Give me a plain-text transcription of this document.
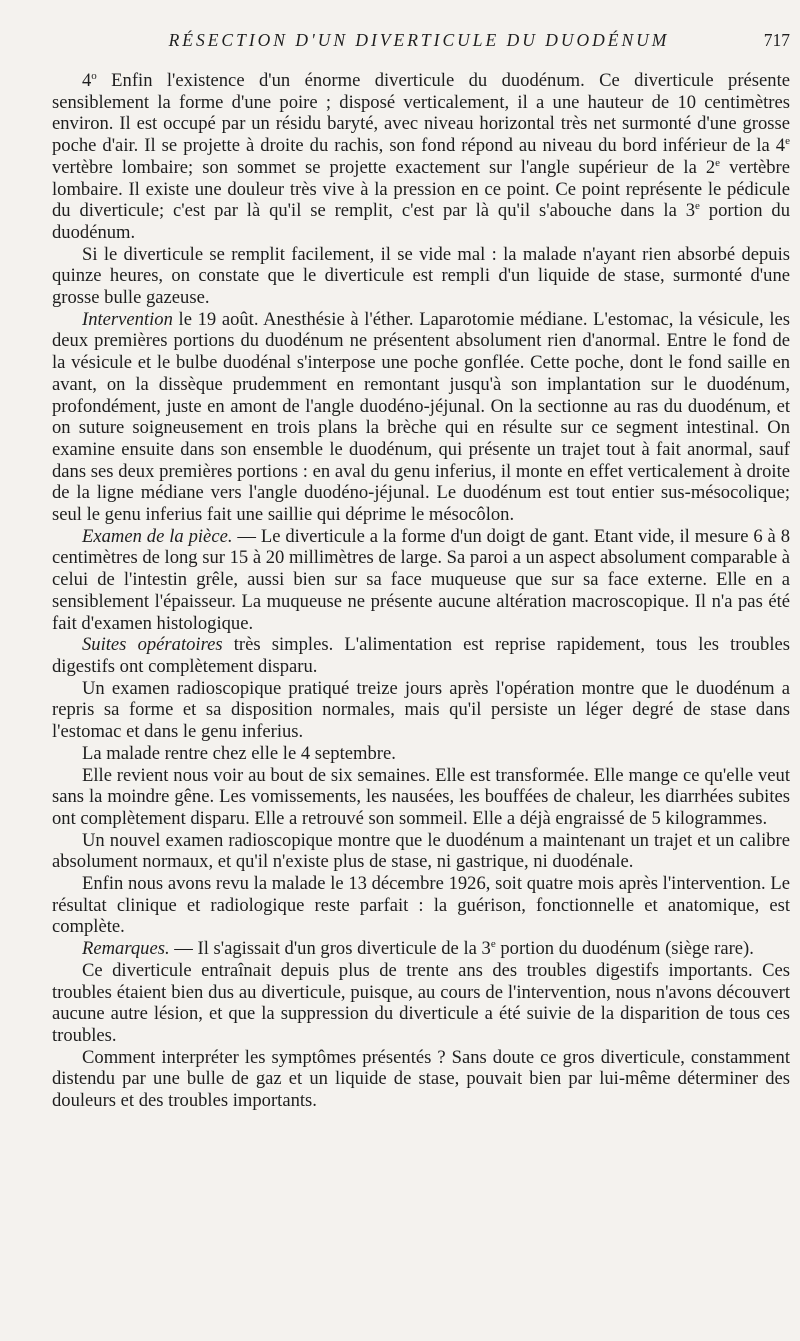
RÉSECTION D'UN DIVERTICULE DU DUODÉNUM	717

4$^o$ Enfin l'existence d'un énorme diverticule du duodénum. Ce diverticule présente sensiblement la forme d'une poire ; disposé verticalement, il a une hauteur de 10 centimètres environ. Il est occupé par un résidu baryté, avec niveau horizontal très net surmonté d'une grosse poche d'air. Il se projette à droite du rachis, son fond répond au niveau du bord inférieur de la 4e vertèbre lombaire; son sommet se projette exactement sur l'angle supérieur de la 2e vertèbre lombaire. Il existe une douleur très vive à la pression en ce point. Ce point représente le pédicule du diverticule; c'est par là qu'il se remplit, c'est par là qu'il s'abouche dans la 3e portion du duodénum.

Si le diverticule se remplit facilement, il se vide mal : la malade n'ayant rien absorbé depuis quinze heures, on constate que le diverticule est rempli d'un liquide de stase, surmonté d'une grosse bulle gazeuse.

Intervention le 19 août. Anesthésie à l'éther. Laparotomie médiane. L'estomac, la vésicule, les deux premières portions du duodénum ne présentent absolument rien d'anormal. Entre le fond de la vésicule et le bulbe duodénal s'interpose une poche gonflée. Cette poche, dont le fond saille en avant, on la dissèque prudemment en remontant jusqu'à son implantation sur le duodénum, profondément, juste en amont de l'angle duodéno-jéjunal. On la sectionne au ras du duodénum, et on suture soigneusement en trois plans la brèche qui en résulte sur ce segment intestinal. On examine ensuite dans son ensemble le duodénum, qui présente un trajet tout à fait anormal, sauf dans ses deux premières portions : en aval du genu inferius, il monte en effet verticalement à droite de la ligne médiane vers l'angle duodéno-jéjunal. Le duodénum est tout entier sus-mésocolique; seul le genu inferius fait une saillie qui déprime le mésocôlon.

Examen de la pièce. — Le diverticule a la forme d'un doigt de gant. Etant vide, il mesure 6 à 8 centimètres de long sur 15 à 20 millimètres de large. Sa paroi a un aspect absolument comparable à celui de l'intestin grêle, aussi bien sur sa face muqueuse que sur sa face externe. Elle en a sensiblement l'épaisseur. La muqueuse ne présente aucune altération macroscopique. Il n'a pas été fait d'examen histologique.

Suites opératoires très simples. L'alimentation est reprise rapidement, tous les troubles digestifs ont complètement disparu.

Un examen radioscopique pratiqué treize jours après l'opération montre que le duodénum a repris sa forme et sa disposition normales, mais qu'il persiste un léger degré de stase dans l'estomac et dans le genu inferius.

La malade rentre chez elle le 4 septembre.

Elle revient nous voir au bout de six semaines. Elle est transformée. Elle mange ce qu'elle veut sans la moindre gêne. Les vomissements, les nausées, les bouffées de chaleur, les diarrhées subites ont complètement disparu. Elle a retrouvé son sommeil. Elle a déjà engraissé de 5 kilogrammes.

Un nouvel examen radioscopique montre que le duodénum a maintenant un trajet et un calibre absolument normaux, et qu'il n'existe plus de stase, ni gastrique, ni duodénale.

Enfin nous avons revu la malade le 13 décembre 1926, soit quatre mois après l'intervention. Le résultat clinique et radiologique reste parfait : la guérison, fonctionnelle et anatomique, est complète.

Remarques. — Il s'agissait d'un gros diverticule de la 3e portion du duodénum (siège rare).

Ce diverticule entraînait depuis plus de trente ans des troubles digestifs importants. Ces troubles étaient bien dus au diverticule, puisque, au cours de l'intervention, nous n'avons découvert aucune autre lésion, et que la suppression du diverticule a été suivie de la disparition de tous ces troubles.

Comment interpréter les symptômes présentés ? Sans doute ce gros diverticule, constamment distendu par une bulle de gaz et un liquide de stase, pouvait bien par lui-même déterminer des douleurs et des troubles importants.
